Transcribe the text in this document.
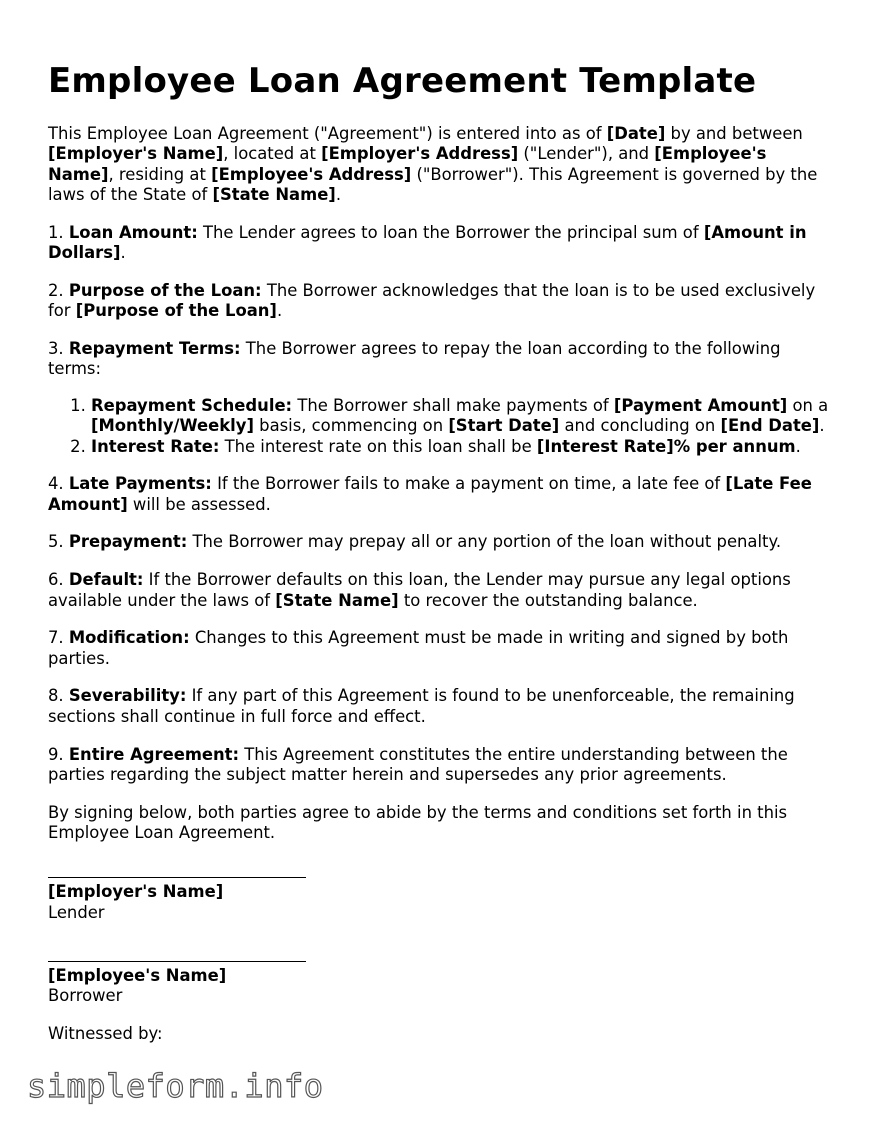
Employee Loan Agreement Template

This Employee Loan Agreement ("Agreement") is entered into as of [Date] by and between [Employer's Name], located at [Employer's Address] ("Lender"), and [Employee's Name], residing at [Employee's Address] ("Borrower"). This Agreement is governed by the laws of the State of [State Name].

1. Loan Amount: The Lender agrees to loan the Borrower the principal sum of [Amount in Dollars].

2. Purpose of the Loan: The Borrower acknowledges that the loan is to be used exclusively for [Purpose of the Loan].

3. Repayment Terms: The Borrower agrees to repay the loan according to the following terms:

1. Repayment Schedule: The Borrower shall make payments of [Payment Amount] on a [Monthly/Weekly] basis, commencing on [Start Date] and concluding on [End Date].
2. Interest Rate: The interest rate on this loan shall be [Interest Rate]% per annum.

4. Late Payments: If the Borrower fails to make a payment on time, a late fee of [Late Fee Amount] will be assessed.

5. Prepayment: The Borrower may prepay all or any portion of the loan without penalty.

6. Default: If the Borrower defaults on this loan, the Lender may pursue any legal options available under the laws of [State Name] to recover the outstanding balance.

7. Modification: Changes to this Agreement must be made in writing and signed by both parties.

8. Severability: If any part of this Agreement is found to be unenforceable, the remaining sections shall continue in full force and effect.

9. Entire Agreement: This Agreement constitutes the entire understanding between the parties regarding the subject matter herein and supersedes any prior agreements.

By signing below, both parties agree to abide by the terms and conditions set forth in this Employee Loan Agreement.

[Employer's Name]
Lender
[Employee's Name]
Borrower
Witnessed by:
simpleform.info
